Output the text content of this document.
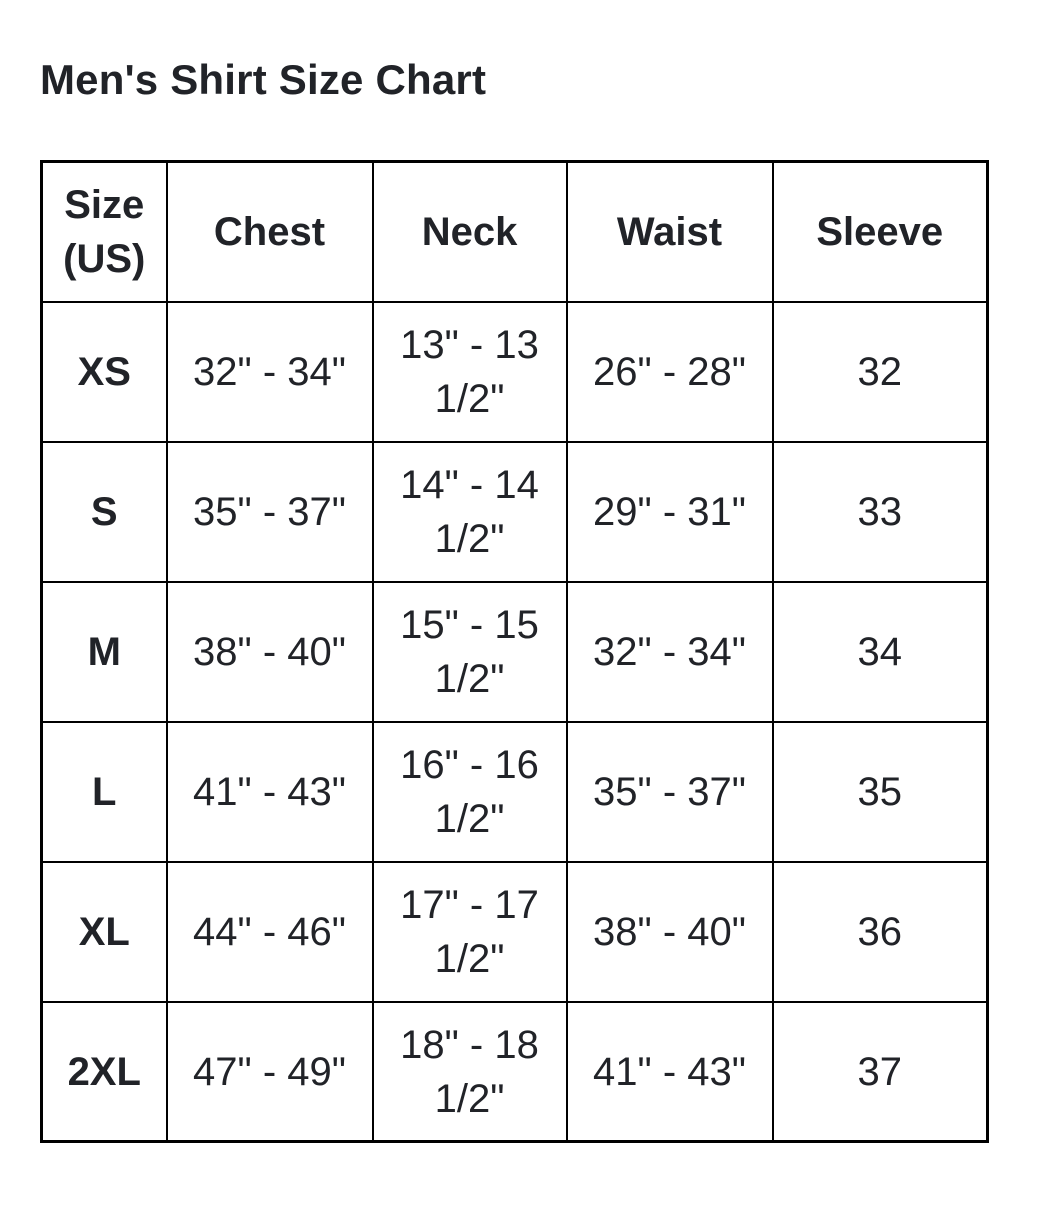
Men's Shirt Size Chart
Size (US)	Chest	Neck	Waist	Sleeve
XS	32" - 34"	13" - 13 1/2"	26" - 28"	32
S	35" - 37"	14" - 14 1/2"	29" - 31"	33
M	38" - 40"	15" - 15 1/2"	32" - 34"	34
L	41" - 43"	16" - 16 1/2"	35" - 37"	35
XL	44" - 46"	17" - 17 1/2"	38" - 40"	36
2XL	47" - 49"	18" - 18 1/2"	41" - 43"	37
